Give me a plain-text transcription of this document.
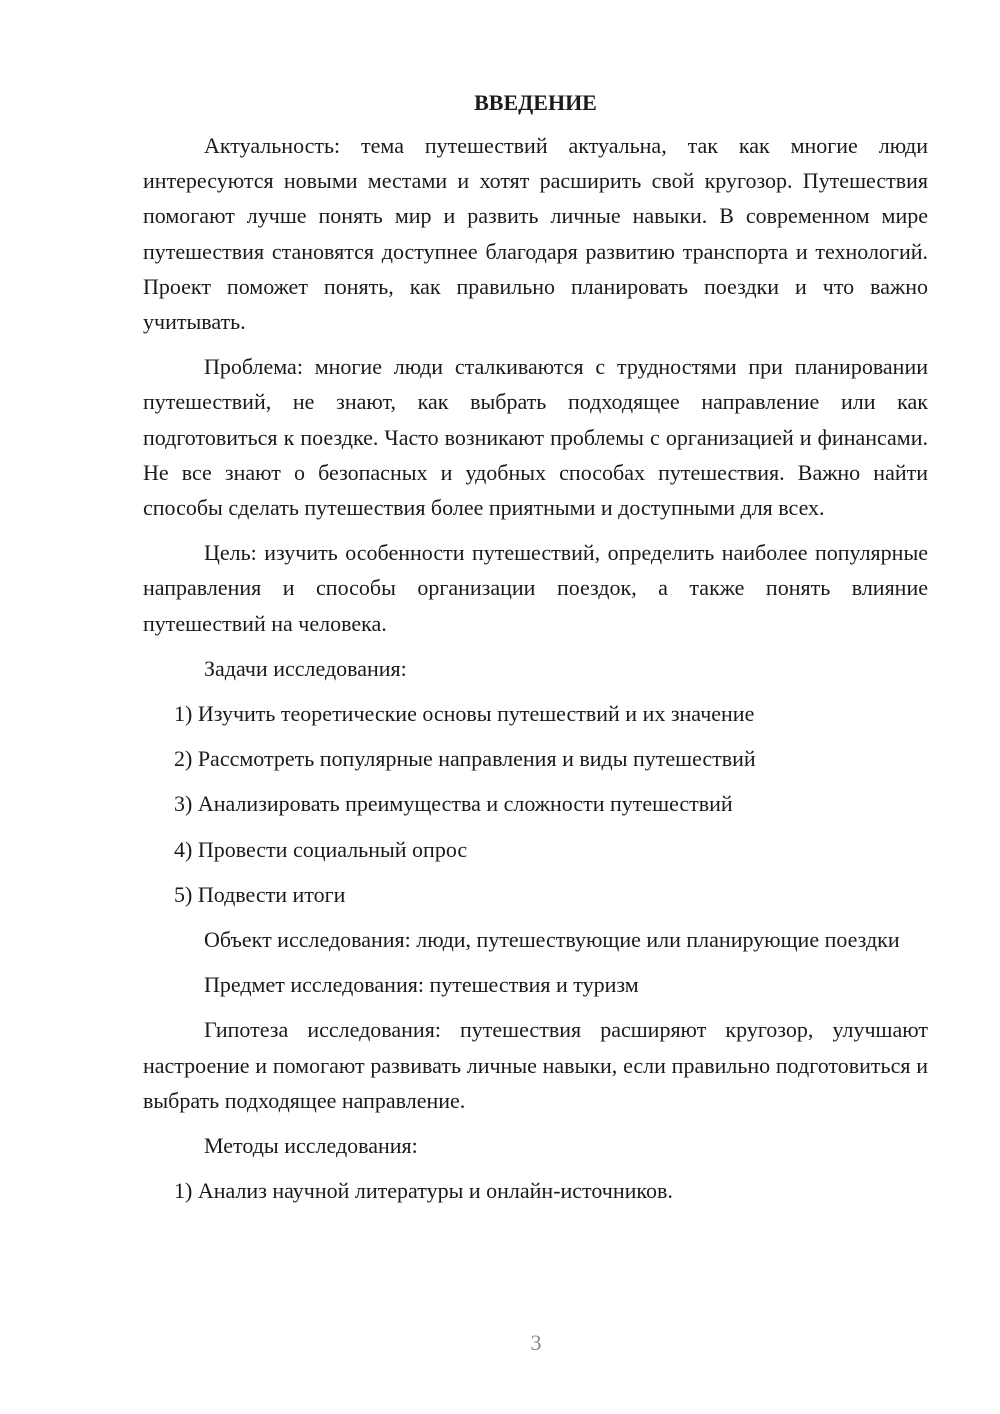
ВВЕДЕНИЕ

Актуальность: тема путешествий актуальна, так как многие люди интересуются новыми местами и хотят расширить свой кругозор. Путешествия помогают лучше понять мир и развить личные навыки. В современном мире путешествия становятся доступнее благодаря развитию транспорта и технологий. Проект поможет понять, как правильно планировать поездки и что важно учитывать.

Проблема: многие люди сталкиваются с трудностями при планировании путешествий, не знают, как выбрать подходящее направление или как подготовиться к поездке. Часто возникают проблемы с организацией и финансами. Не все знают о безопасных и удобных способах путешествия. Важно найти способы сделать путешествия более приятными и доступными для всех.

Цель: изучить особенности путешествий, определить наиболее популярные направления и способы организации поездок, а также понять влияние путешествий на человека.

Задачи исследования:

1) Изучить теоретические основы путешествий и их значение
2) Рассмотреть популярные направления и виды путешествий
3) Анализировать преимущества и сложности путешествий
4) Провести социальный опрос
5) Подвести итоги

Объект исследования: люди, путешествующие или планирующие поездки

Предмет исследования: путешествия и туризм

Гипотеза исследования: путешествия расширяют кругозор, улучшают настроение и помогают развивать личные навыки, если правильно подготовиться и выбрать подходящее направление.

Методы исследования:

1) Анализ научной литературы и онлайн-источников.
3
